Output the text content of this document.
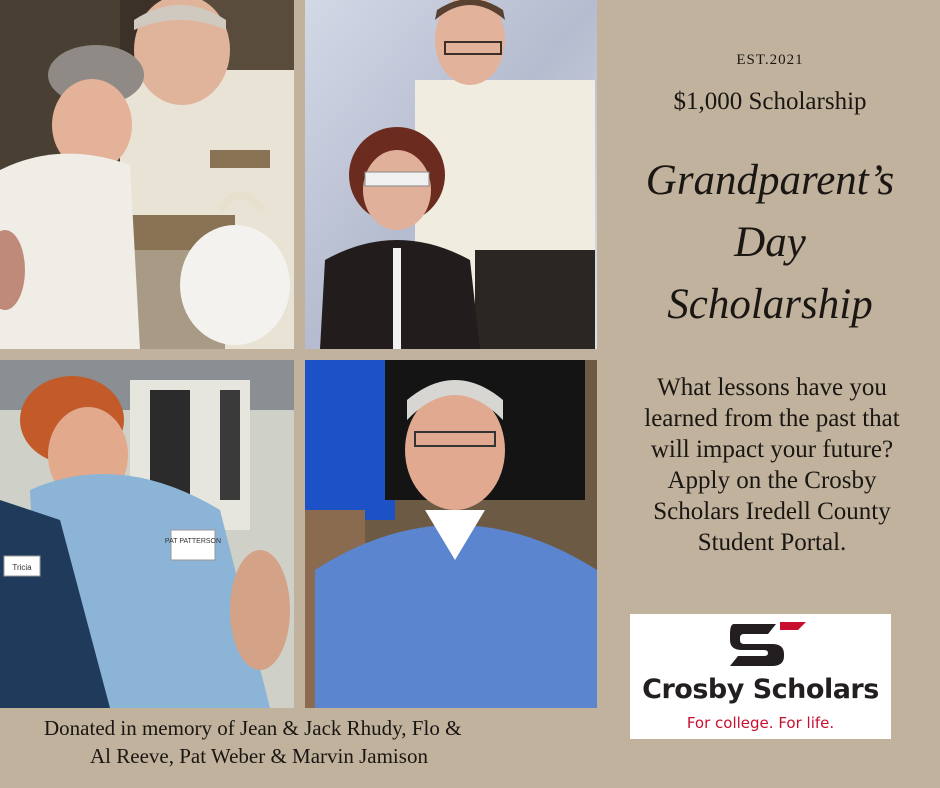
PAT PATTERSON
Tricia
EST.2021
$1,000 Scholarship
Grandparent’s
Day
Scholarship
What lessons have you
learned from the past that
will impact your future?
Apply on the Crosby
Scholars Iredell County
Student Portal.
Crosby Scholars
For college. For life.
Donated in memory of Jean & Jack Rhudy, Flo &
Al Reeve, Pat Weber & Marvin Jamison
